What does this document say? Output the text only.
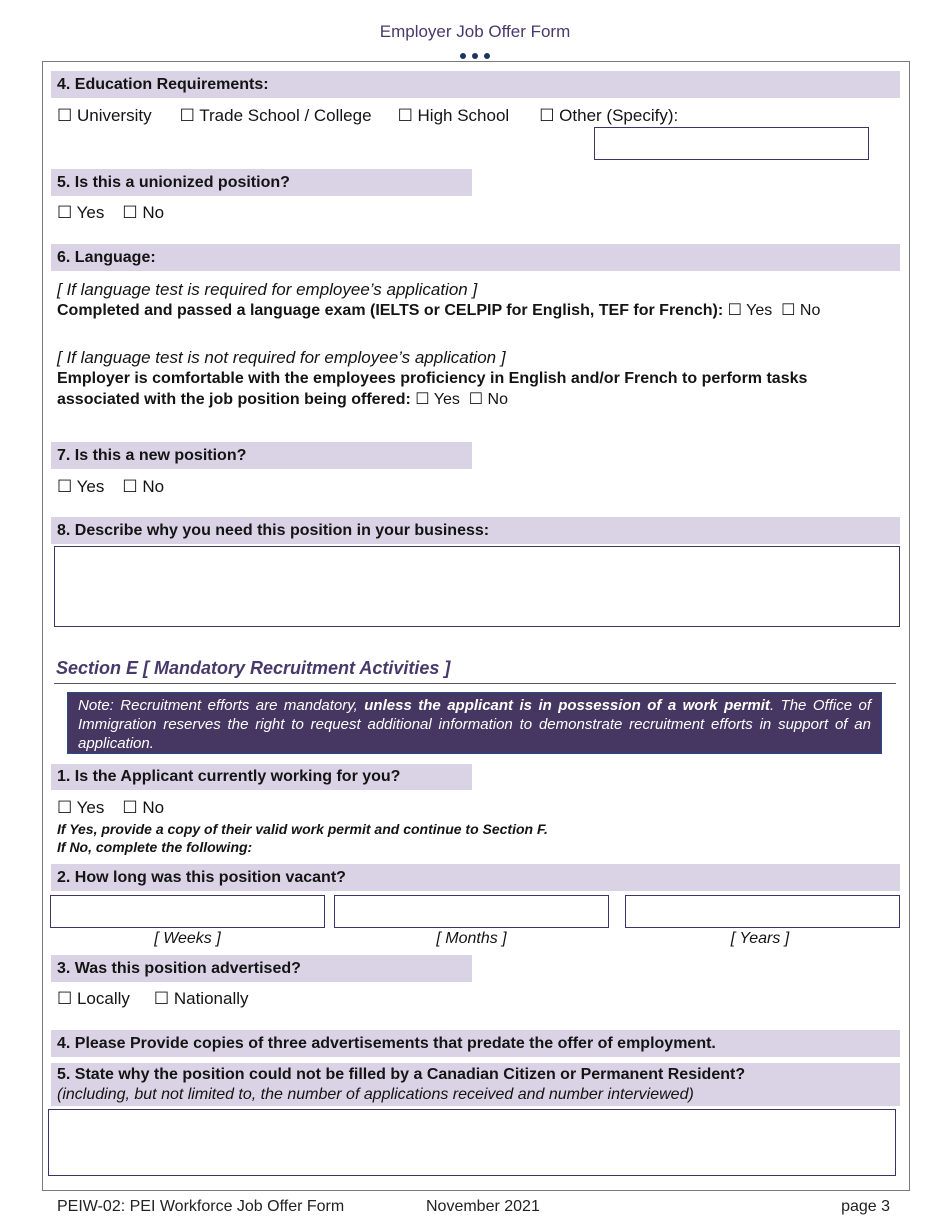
Employer Job Offer Form
4. Education Requirements:
☐ University ☐ Trade School / College ☐ High School ☐ Other (Specify):
5. Is this a unionized position?
☐ Yes ☐ No
6. Language:
[ If language test is required for employee’s application ]
Completed and passed a language exam (IELTS or CELPIP for English, TEF for French): ☐ Yes  ☐ No
[ If language test is not required for employee’s application ]
Employer is comfortable with the employees proficiency in English and/or French to perform tasks associated with the job position being offered: ☐ Yes  ☐ No
7. Is this a new position?
☐ Yes ☐ No
8. Describe why you need this position in your business:
Section E [ Mandatory Recruitment Activities ]
Note: Recruitment efforts are mandatory, unless the applicant is in possession of a work permit. The Office of Immigration reserves the right to request additional information to demonstrate recruitment efforts in support of an application.
1. Is the Applicant currently working for you?
☐ Yes ☐ No
If Yes, provide a copy of their valid work permit and continue to Section F.
If No, complete the following:
2. How long was this position vacant?
[ Weeks ]	[ Months ]	[ Years ]
3. Was this position advertised?
☐ Locally ☐ Nationally
4. Please Provide copies of three advertisements that predate the offer of employment.
5. State why the position could not be filled by a Canadian Citizen or Permanent Resident?
(including, but not limited to, the number of applications received and number interviewed)
PEIW-02: PEI Workforce Job Offer Form	November 2021	page 3
